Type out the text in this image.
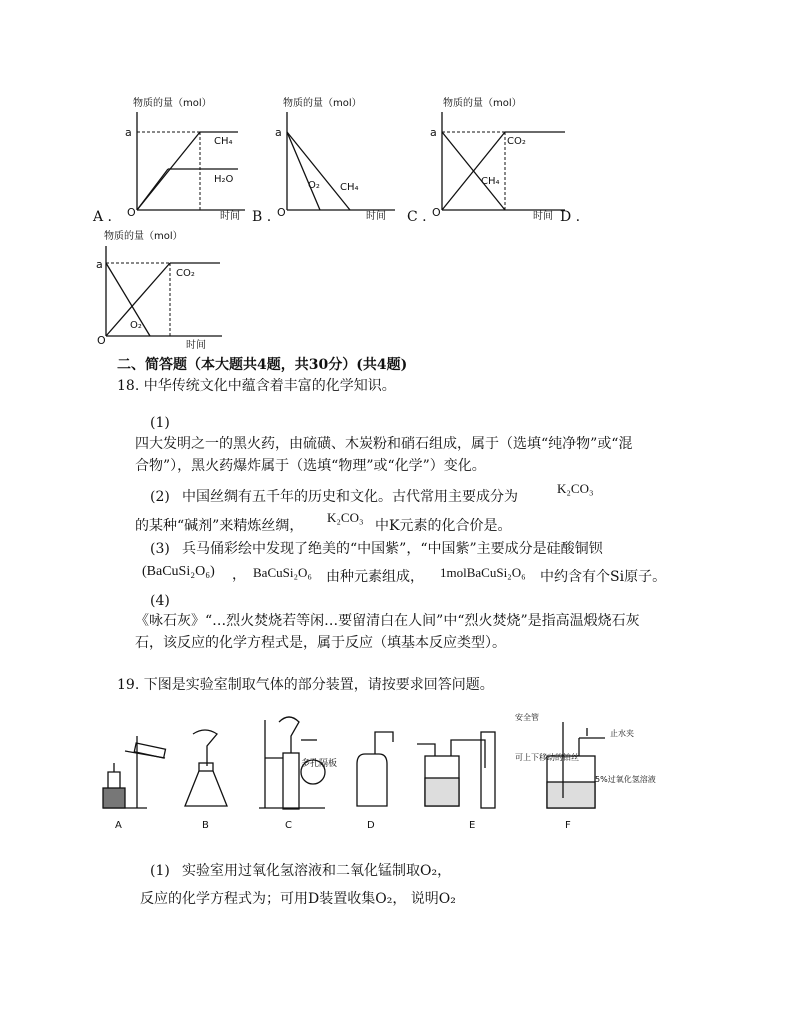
物质的量（mol）
a
O	时间
CH₄
H₂O
A .
物质的量（mol）
a
O	时间
O₂ CH₄
B .
物质的量（mol）
a
O	时间
CO₂
CH₄
C .	D .
物质的量（mol）
a
O	时间
CO₂
O₂
二、简答题（本大题共4题，共30分）(共4题)
18. 中华传统文化中蕴含着丰富的化学知识。
(1)
四大发明之一的黑火药，由硫磺、木炭粉和硝石组成，属于（选填“纯净物”或“混
合物”），黑火药爆炸属于（选填“物理”或“化学”）变化。
(2) 中国丝绸有五千年的历史和文化。古代常用主要成分为
K₂CO₃
的某种“碱剂”来精炼丝绸，
K₂CO₃
中K元素的化合价是。
(3) 兵马俑彩绘中发现了绝美的“中国紫”，“中国紫”主要成分是硅酸铜钡
(BaCuSi₂O₆) ， BaCuSi₂O₆ 由种元素组成， 1molBaCuSi₂O₆ 中约含有个Si原子。
(4)
《咏石灰》“…烈火焚烧若等闲…要留清白在人间”中“烈火焚烧”是指高温煅烧石灰
石，该反应的化学方程式是，属于反应（填基本反应类型）。
19. 下图是实验室制取气体的部分装置，请按要求回答问题。
A	B
多孔隔板
C	D	E
安全管
止水夹
可上下移动的铂丝
5%过氧化氢溶液
F
(1) 实验室用过氧化氢溶液和二氧化锰制取O₂，
反应的化学方程式为；可用D装置收集O₂， 说明O₂
